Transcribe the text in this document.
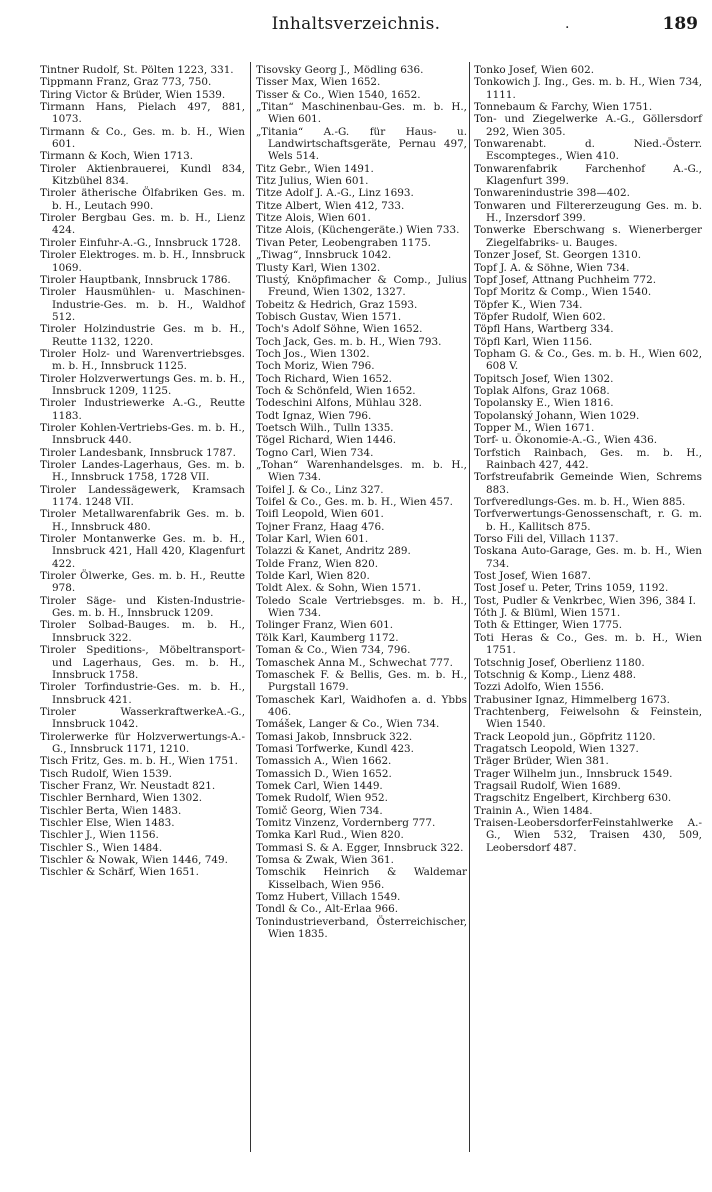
Inhaltsverzeichnis.	.	189

Tintner Rudolf, St. Pölten 1223, 331.

Tippmann Franz, Graz 773, 750.

Tiring Victor & Brüder, Wien 1539.

Tirmann Hans, Pielach 497, 881, 1073.

Tirmann & Co., Ges. m. b. H., Wien 601.

Tirmann & Koch, Wien 1713.

Tiroler Aktienbrauerei, Kundl 834, Kitzbühel 834.

Tiroler ätherische Ölfabriken Ges. m. b. H., Leutach 990.

Tiroler Bergbau Ges. m. b. H., Lienz 424.

Tiroler Einfuhr-A.-G., Innsbruck 1728.

Tiroler Elektroges. m. b. H., Innsbruck 1069.

Tiroler Hauptbank, Innsbruck 1786.

Tiroler Hausmühlen- u. Maschinen-Industrie-Ges. m. b. H., Waldhof 512.

Tiroler Holzindustrie Ges. m b. H., Reutte 1132, 1220.

Tiroler Holz- und Warenvertriebsges. m. b. H., Innsbruck 1125.

Tiroler Holzverwertungs Ges. m. b. H., Innsbruck 1209, 1125.

Tiroler Industriewerke A.-G., Reutte 1183.

Tiroler Kohlen-Vertriebs-Ges. m. b. H., Innsbruck 440.

Tiroler Landesbank, Innsbruck 1787.

Tiroler Landes-Lagerhaus, Ges. m. b. H., Innsbruck 1758, 1728 VII.

Tiroler Landessägewerk, Kramsach 1174. 1248 VII.

Tiroler Metallwarenfabrik Ges. m. b. H., Innsbruck 480.

Tiroler Montanwerke Ges. m. b. H., Innsbruck 421, Hall 420, Klagenfurt 422.

Tiroler Ölwerke, Ges. m. b. H., Reutte 978.

Tiroler Säge- und Kisten-Industrie-Ges. m. b. H., Innsbruck 1209.

Tiroler Solbad-Bauges. m. b. H., Innsbruck 322.

Tiroler Speditions-, Möbeltransport- und Lagerhaus, Ges. m. b. H., Innsbruck 1758.

Tiroler Torfindustrie-Ges. m. b. H., Innsbruck 421.

Tiroler WasserkraftwerkeA.-G., Innsbruck 1042.

Tirolerwerke für Holzverwertungs-A.-G., Innsbruck 1171, 1210.

Tisch Fritz, Ges. m. b. H., Wien 1751.

Tisch Rudolf, Wien 1539.

Tischer Franz, Wr. Neustadt 821.

Tischler Bernhard, Wien 1302.

Tischler Berta, Wien 1483.

Tischler Else, Wien 1483.

Tischler J., Wien 1156.

Tischler S., Wien 1484.

Tischler & Nowak, Wien 1446, 749.

Tischler & Schärf, Wien 1651.

Tisovsky Georg J., Mödling 636.

Tisser Max, Wien 1652.

Tisser & Co., Wien 1540, 1652.

„Titan“ Maschinenbau-Ges. m. b. H., Wien 601.

„Titania“ A.-G. für Haus- u. Landwirtschaftsgeräte, Pernau 497, Wels 514.

Titz Gebr., Wien 1491.

Titz Julius, Wien 601.

Titze Adolf J. A.-G., Linz 1693.

Titze Albert, Wien 412, 733.

Titze Alois, Wien 601.

Titze Alois, (Küchengeräte.) Wien 733.

Tivan Peter, Leobengraben 1175.

„Tiwag“, Innsbruck 1042.

Tlusty Karl, Wien 1302.

Tlustý, Knöpfimacher & Comp., Julius Freund, Wien 1302, 1327.

Tobeitz & Hedrich, Graz 1593.

Tobisch Gustav, Wien 1571.

Toch's Adolf Söhne, Wien 1652.

Toch Jack, Ges. m. b. H., Wien 793.

Toch Jos., Wien 1302.

Toch Moriz, Wien 796.

Toch Richard, Wien 1652.

Toch & Schönfeld, Wien 1652.

Todeschini Alfons, Mühlau 328.

Todt Ignaz, Wien 796.

Toetsch Wilh., Tulln 1335.

Tögel Richard, Wien 1446.

Togno Carl, Wien 734.

„Tohan“ Warenhandelsges. m. b. H., Wien 734.

Toifel J. & Co., Linz 327.

Toifel & Co., Ges. m. b. H., Wien 457.

Toifl Leopold, Wien 601.

Tojner Franz, Haag 476.

Tolar Karl, Wien 601.

Tolazzi & Kanet, Andritz 289.

Tolde Franz, Wien 820.

Tolde Karl, Wien 820.

Toldt Alex. & Sohn, Wien 1571.

Toledo Scale Vertriebsges. m. b. H., Wien 734.

Tolinger Franz, Wien 601.

Tölk Karl, Kaumberg 1172.

Toman & Co., Wien 734, 796.

Tomaschek Anna M., Schwechat 777.

Tomaschek F. & Bellis, Ges. m. b. H., Purgstall 1679.

Tomaschek Karl, Waidhofen a. d. Ybbs 406.

Tomášek, Langer & Co., Wien 734.

Tomasi Jakob, Innsbruck 322.

Tomasi Torfwerke, Kundl 423.

Tomassich A., Wien 1662.

Tomassich D., Wien 1652.

Tomek Carl, Wien 1449.

Tomek Rudolf, Wien 952.

Tomič Georg, Wien 734.

Tomitz Vinzenz, Vordernberg 777.

Tomka Karl Rud., Wien 820.

Tommasi S. & A. Egger, Innsbruck 322.

Tomsa & Zwak, Wien 361.

Tomschik Heinrich & Waldemar Kisselbach, Wien 956.

Tomz Hubert, Villach 1549.

Tondl & Co., Alt-Erlaa 966.

Tonindustrieverband, Österreichischer, Wien 1835.

Tonko Josef, Wien 602.

Tonkowich J. Ing., Ges. m. b. H., Wien 734, 1111.

Tonnebaum & Farchy, Wien 1751.

Ton- und Ziegelwerke A.-G., Göllersdorf 292, Wien 305.

Tonwarenabt. d. Nied.-Österr. Escompteges., Wien 410.

Tonwarenfabrik Farchenhof A.-G., Klagenfurt 399.

Tonwarenindustrie 398—402.

Tonwaren und Filtererzeugung Ges. m. b. H., Inzersdorf 399.

Tonwerke Eberschwang s. Wienerberger Ziegelfabriks- u. Bauges.

Tonzer Josef, St. Georgen 1310.

Topf J. A. & Söhne, Wien 734.

Topf Josef, Attnang Puchheim 772.

Topf Moritz & Comp., Wien 1540.

Töpfer K., Wien 734.

Töpfer Rudolf, Wien 602.

Töpfl Hans, Wartberg 334.

Töpfl Karl, Wien 1156.

Topham G. & Co., Ges. m. b. H., Wien 602, 608 V.

Topitsch Josef, Wien 1302.

Toplak Alfons, Graz 1068.

Topolansky E., Wien 1816.

Topolanský Johann, Wien 1029.

Topper M., Wien 1671.

Torf- u. Ökonomie-A.-G., Wien 436.

Torfstich Rainbach, Ges. m. b. H., Rainbach 427, 442.

Torfstreufabrik Gemeinde Wien, Schrems 883.

Torfveredlungs-Ges. m. b. H., Wien 885.

Torfverwertungs-Genossenschaft, r. G. m. b. H., Kallitsch 875.

Torso Fili del, Villach 1137.

Toskana Auto-Garage, Ges. m. b. H., Wien 734.

Tost Josef, Wien 1687.

Tost Josef u. Peter, Trins 1059, 1192.

Tost, Pudler & Venkrbec, Wien 396, 384 I.

Tóth J. & Blüml, Wien 1571.

Toth & Ettinger, Wien 1775.

Toti Heras & Co., Ges. m. b. H., Wien 1751.

Totschnig Josef, Oberlienz 1180.

Totschnig & Komp., Lienz 488.

Tozzi Adolfo, Wien 1556.

Trabusiner Ignaz, Himmelberg 1673.

Trachtenberg, Feiwelsohn & Feinstein, Wien 1540.

Track Leopold jun., Göpfritz 1120.

Tragatsch Leopold, Wien 1327.

Träger Brüder, Wien 381.

Trager Wilhelm jun., Innsbruck 1549.

Tragsail Rudolf, Wien 1689.

Tragschitz Engelbert, Kirchberg 630.

Trainin A., Wien 1484.

Traisen-LeobersdorferFeinstahlwerke A.-G., Wien 532, Traisen 430, 509, Leobersdorf 487.
